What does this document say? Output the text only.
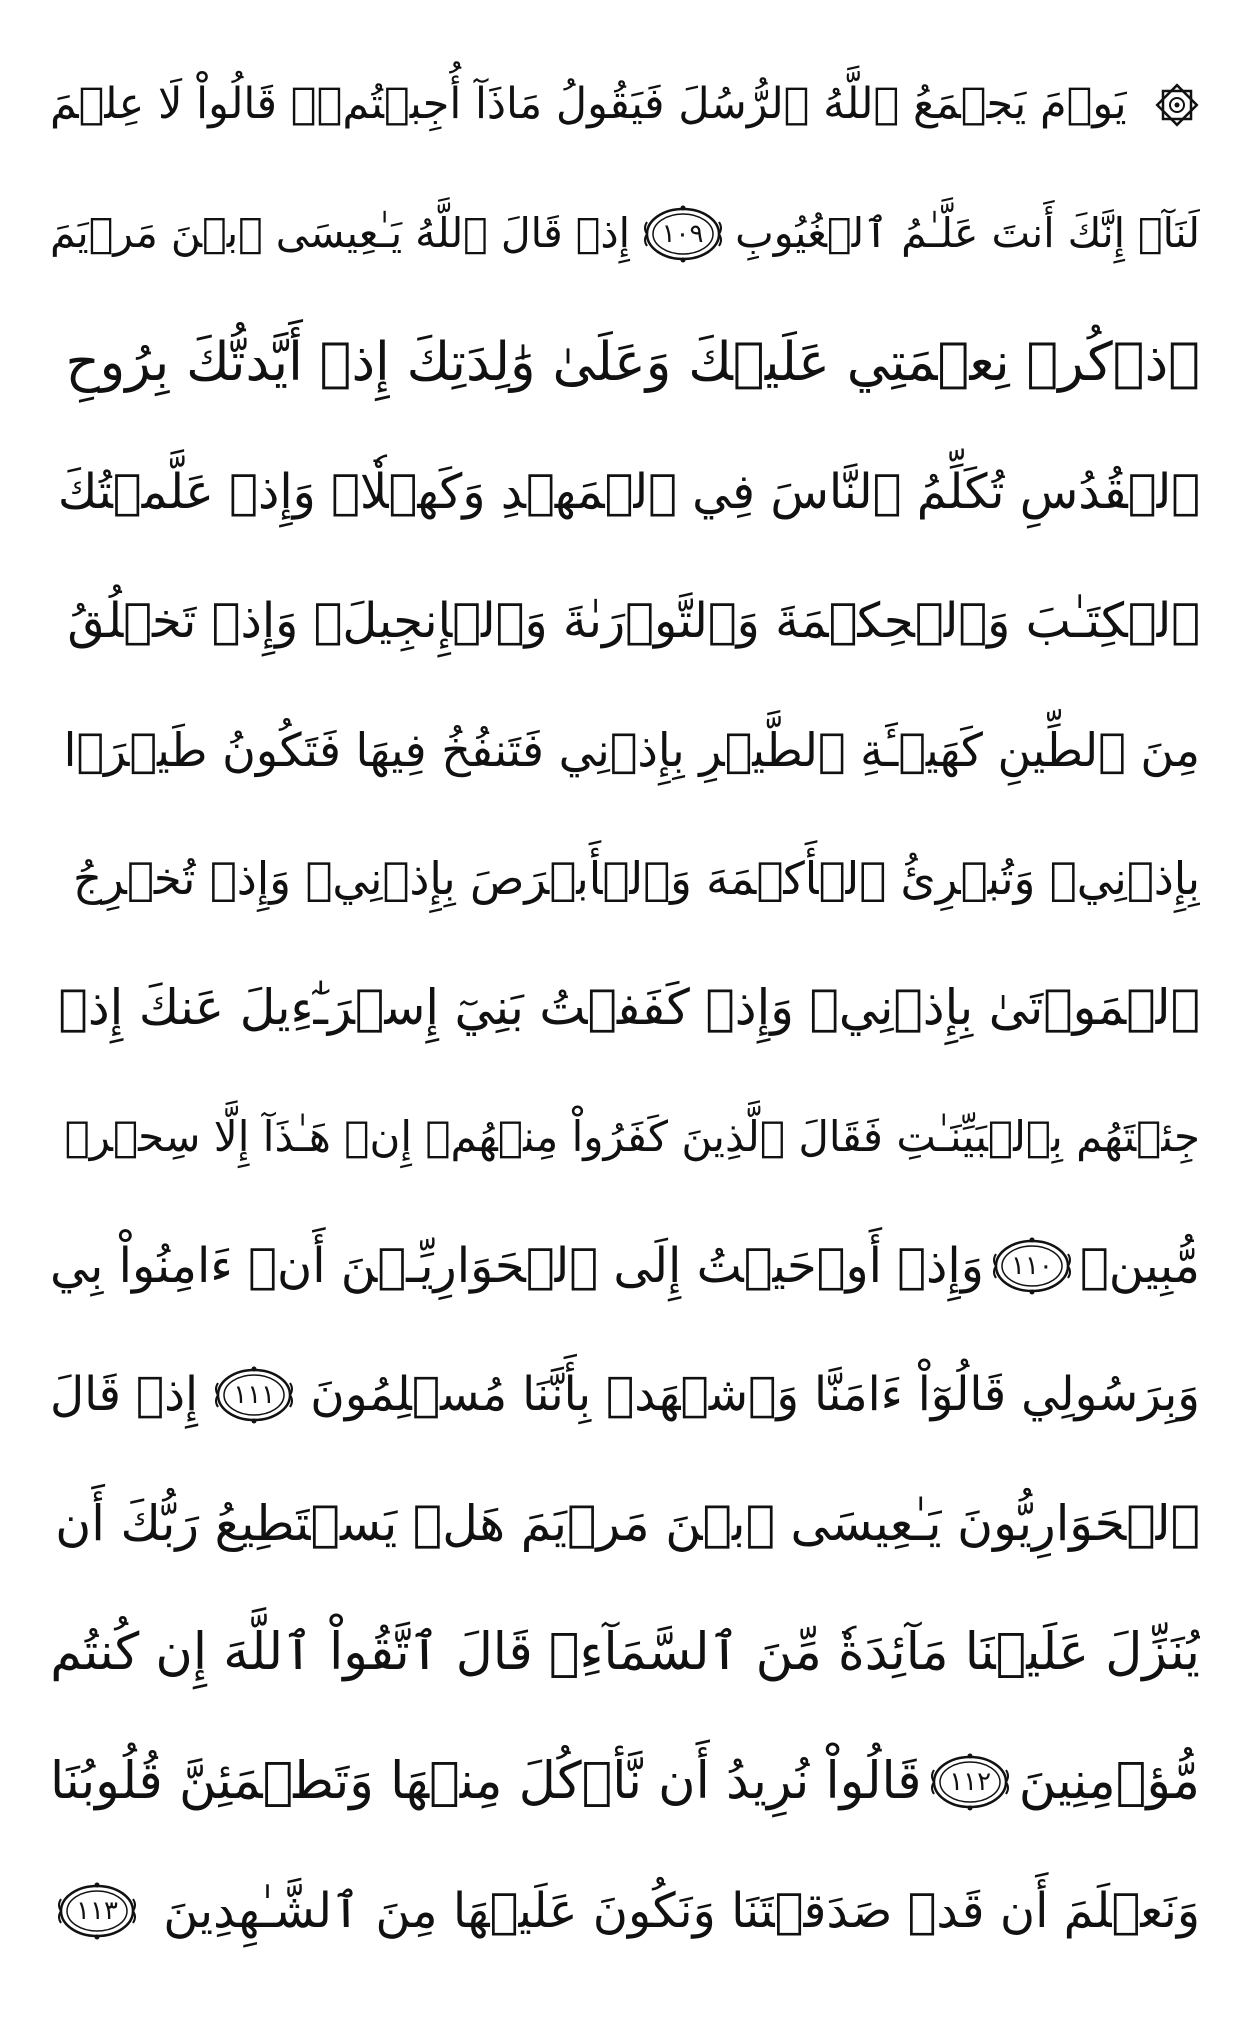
يَوۡمَ يَجۡمَعُ ٱللَّهُ ٱلرُّسُلَ فَيَقُولُ مَاذَآ أُجِبۡتُمۡۖ قَالُواْ لَا عِلۡمَ
لَنَآۖ إِنَّكَ أَنتَ عَلَّـٰمُ ٱلۡغُيُوبِ
١٠٩
إِذۡ قَالَ ٱللَّهُ يَـٰعِيسَى ٱبۡنَ مَرۡيَمَ
ٱذۡكُرۡ نِعۡمَتِي عَلَيۡكَ وَعَلَىٰ وَٰلِدَتِكَ إِذۡ أَيَّدتُّكَ بِرُوحِ
ٱلۡقُدُسِ تُكَلِّمُ ٱلنَّاسَ فِي ٱلۡمَهۡدِ وَكَهۡلٗاۖ وَإِذۡ عَلَّمۡتُكَ
ٱلۡكِتَـٰبَ وَٱلۡحِكۡمَةَ وَٱلتَّوۡرَىٰةَ وَٱلۡإِنجِيلَۖ وَإِذۡ تَخۡلُقُ
مِنَ ٱلطِّينِ كَهَيۡـَٔةِ ٱلطَّيۡرِ بِإِذۡنِي فَتَنفُخُ فِيهَا فَتَكُونُ طَيۡرَۢا
بِإِذۡنِيۖ وَتُبۡرِئُ ٱلۡأَكۡمَهَ وَٱلۡأَبۡرَصَ بِإِذۡنِيۖ وَإِذۡ تُخۡرِجُ
ٱلۡمَوۡتَىٰ بِإِذۡنِيۖ وَإِذۡ كَفَفۡتُ بَنِيٓ إِسۡرَـٰٓءِيلَ عَنكَ إِذۡ
جِئۡتَهُم بِٱلۡبَيِّنَـٰتِ فَقَالَ ٱلَّذِينَ كَفَرُواْ مِنۡهُمۡ إِنۡ هَـٰذَآ إِلَّا سِحۡرٞ
مُّبِينٞ
١١٠
وَإِذۡ أَوۡحَيۡتُ إِلَى ٱلۡحَوَارِيِّـۧنَ أَنۡ ءَامِنُواْ بِي
وَبِرَسُولِي قَالُوٓاْ ءَامَنَّا وَٱشۡهَدۡ بِأَنَّنَا مُسۡلِمُونَ
١١١
إِذۡ قَالَ
ٱلۡحَوَارِيُّونَ يَـٰعِيسَى ٱبۡنَ مَرۡيَمَ هَلۡ يَسۡتَطِيعُ رَبُّكَ أَن
يُنَزِّلَ عَلَيۡنَا مَآئِدَةٗ مِّنَ ٱلسَّمَآءِۖ قَالَ ٱتَّقُواْ ٱللَّهَ إِن كُنتُم
مُّؤۡمِنِينَ
١١٢
قَالُواْ نُرِيدُ أَن نَّأۡكُلَ مِنۡهَا وَتَطۡمَئِنَّ قُلُوبُنَا
وَنَعۡلَمَ أَن قَدۡ صَدَقۡتَنَا وَنَكُونَ عَلَيۡهَا مِنَ ٱلشَّـٰهِدِينَ
١١٣
